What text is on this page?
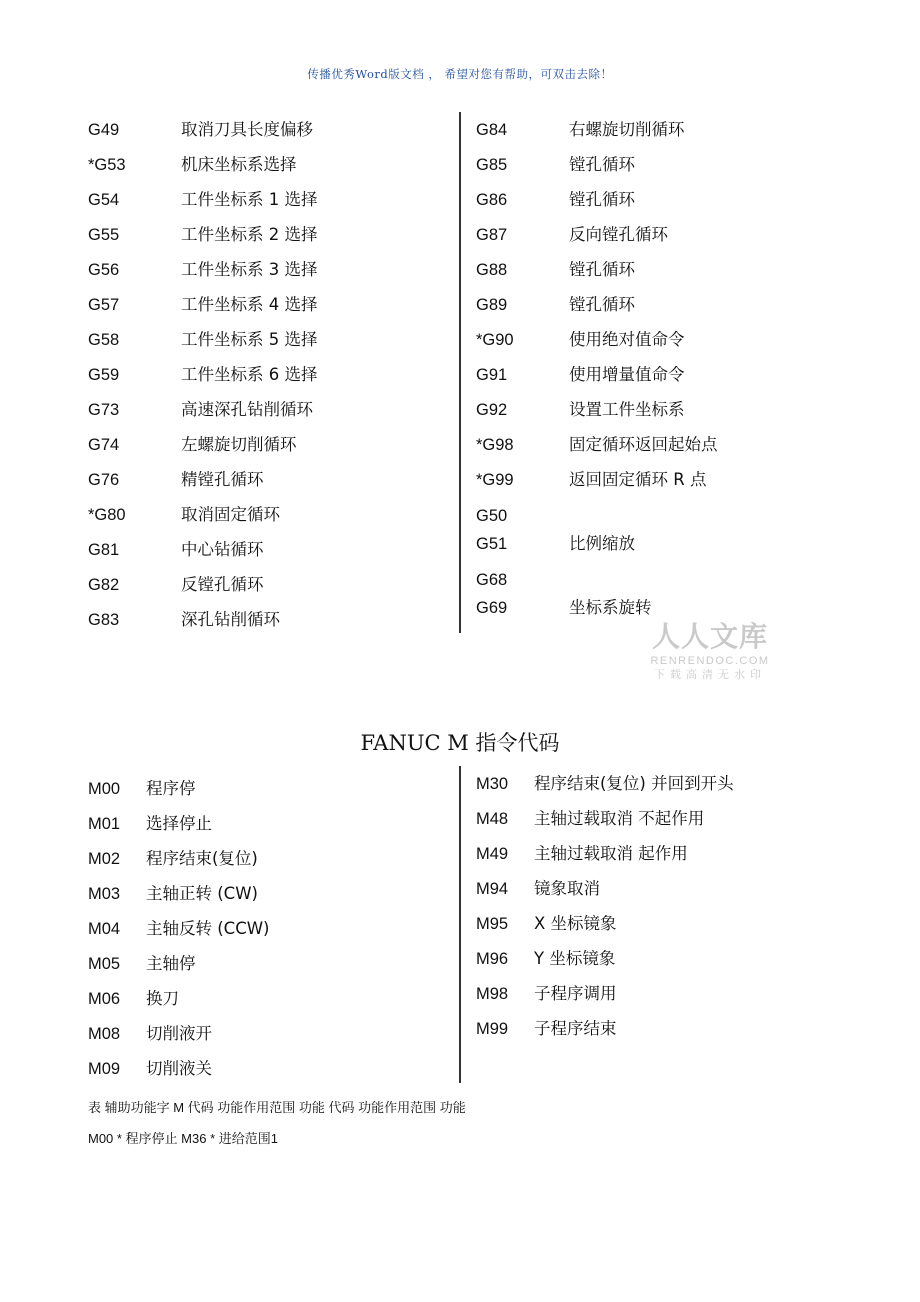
传播优秀Word版文档 ， 希望对您有帮助，可双击去除！
G49	取消刀具长度偏移
*G53	机床坐标系选择
G54	工件坐标系 1 选择
G55	工件坐标系 2 选择
G56	工件坐标系 3 选择
G57	工件坐标系 4 选择
G58	工件坐标系 5 选择
G59	工件坐标系 6 选择
G73	高速深孔钻削循环
G74	左螺旋切削循环
G76	精镗孔循环
*G80	取消固定循环
G81	中心钻循环
G82	反镗孔循环
G83	深孔钻削循环
G84	右螺旋切削循环
G85	镗孔循环
G86	镗孔循环
G87	反向镗孔循环
G88	镗孔循环
G89	镗孔循环
*G90	使用绝对值命令
G91	使用增量值命令
G92	设置工件坐标系
*G98	固定循环返回起始点
*G99	返回固定循环 R 点
G50
G51	比例缩放
G68
G69	坐标系旋转
人人文库
RENRENDOC.COM
下载高清无水印
FANUC M 指令代码
M00 程序停
M01 选择停止
M02 程序结束(复位)
M03 主轴正转 (CW)
M04 主轴反转 (CCW)
M05 主轴停
M06 换刀
M08 切削液开
M09 切削液关
M30 程序结束(复位) 并回到开头
M48 主轴过载取消 不起作用
M49 主轴过载取消 起作用
M94 镜象取消
M95 X 坐标镜象
M96 Y 坐标镜象
M98 子程序调用
M99 子程序结束
表 辅助功能字 M 代码 功能作用范围 功能 代码 功能作用范围 功能
M00 * 程序停止 M36 * 进给范围1
